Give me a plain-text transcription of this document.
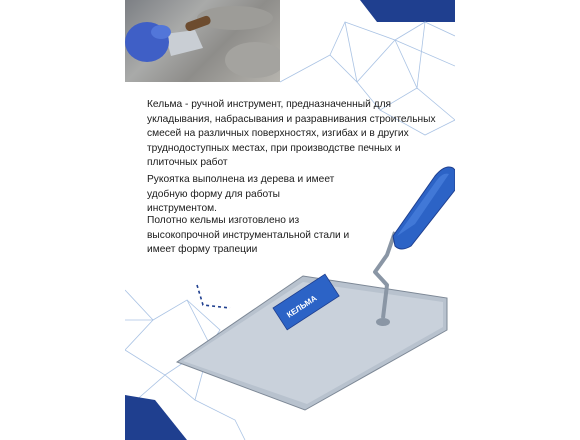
КЕЛЬМА
Кельма - ручной инструмент, предназначенный для укладывания, набрасывания и разравнивания строительных смесей на различных поверхностях, изгибах и в других труднодоступных местах, при производстве печных и плиточных работ
Рукоятка выполнена из дерева и имеет удобную форму для работы инструментом.
Полотно кельмы изготовлено из высокопрочной инструментальной стали и имеет форму трапеции
